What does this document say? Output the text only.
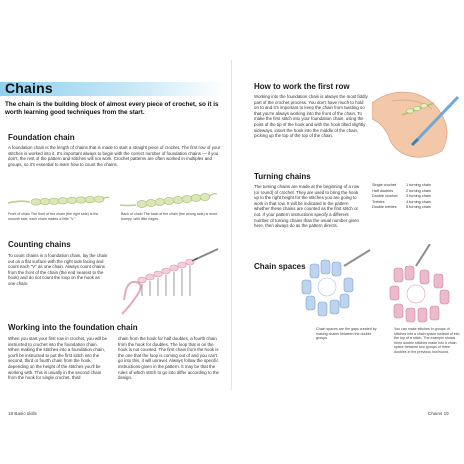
Chains
The chain is the building block of almost every piece of crochet, so it is worth learning good techniques from the start.
Foundation chain
A foundation chain is the length of chains that is made to start a straight piece of crochet. The first row of your stitches is worked into it. It's important always to begin with the correct number of foundation chains — if you don't, the rest of the pattern and stitches will not work. Crochet patterns are often worked in multiples and groups, so it's essential to learn how to count the chains.
Front of chain The front of the chain (the right side) is the smooth side; each chain makes a little "V."
Back of chain The back of the chain (the wrong side) is more bumpy, with little ridges.
Counting chains
To count chains in a foundation chain, lay the chain out on a flat surface with the right side facing and count each "V" as one chain. Always count chains from the front of the chain (the end nearest to the hook) and do not count the loop on the hook as one chain.
Working into the foundation chain
When you start your first row in crochet, you will be instructed to crochet into the foundation chain. When making the stitches into a foundation chain, you'll be instructed to put the first stitch into the second, third or fourth chain from the hook, depending on the height of the stitches you'll be working with. This is usually in the second chain from the hook for single crochet, third
chain from the hook for half doubles, a fourth chain from the hook for doubles. The loop that is on the hook is not counted. The first chain from the hook is the one that the loop is coming out of and you can't go into this, it will unravel. Always follow the specific instructions given in the pattern. It may be that the rules of which stitch to go into differ according to the design.
18 Basic skills
How to work the first row
Working into the foundation chain is always the most fiddly part of the crochet process. You don't have much to hold on to and it's important to keep the chain from twisting so that you're always working into the front of the chain. To make the first stitch into your foundation chain, using the point of the tip of the hook and with the hook tilted slightly sideways, insert the hook into the middle of the chain, picking up the top of the top of the chain.
Turning chains
The turning chains are made at the beginning of a row (or round) of crochet. They are used to bring the hook up to the right height for the stitches you are going to work in that row. It will be indicated in the pattern whether these chains are counted as the first stitch or not. If your pattern instructions specify a different number of turning chains than the usual number given here, then always do as the pattern directs.
Single crochet	1 turning chain
Half doubles	2 turning chain
Double crochet	3 turning chain
Trebles	4 turning chain
Double trebles	5 turning chain
Chain spaces
Chain spaces are the gaps created by making chains between the double groups.
You can make stitches in groups of stitches into a chain space instead of into the top of a stitch. The example shows three double stitches made into a chain space between two groups of three doubles in the previous row/round.
Chains 19
